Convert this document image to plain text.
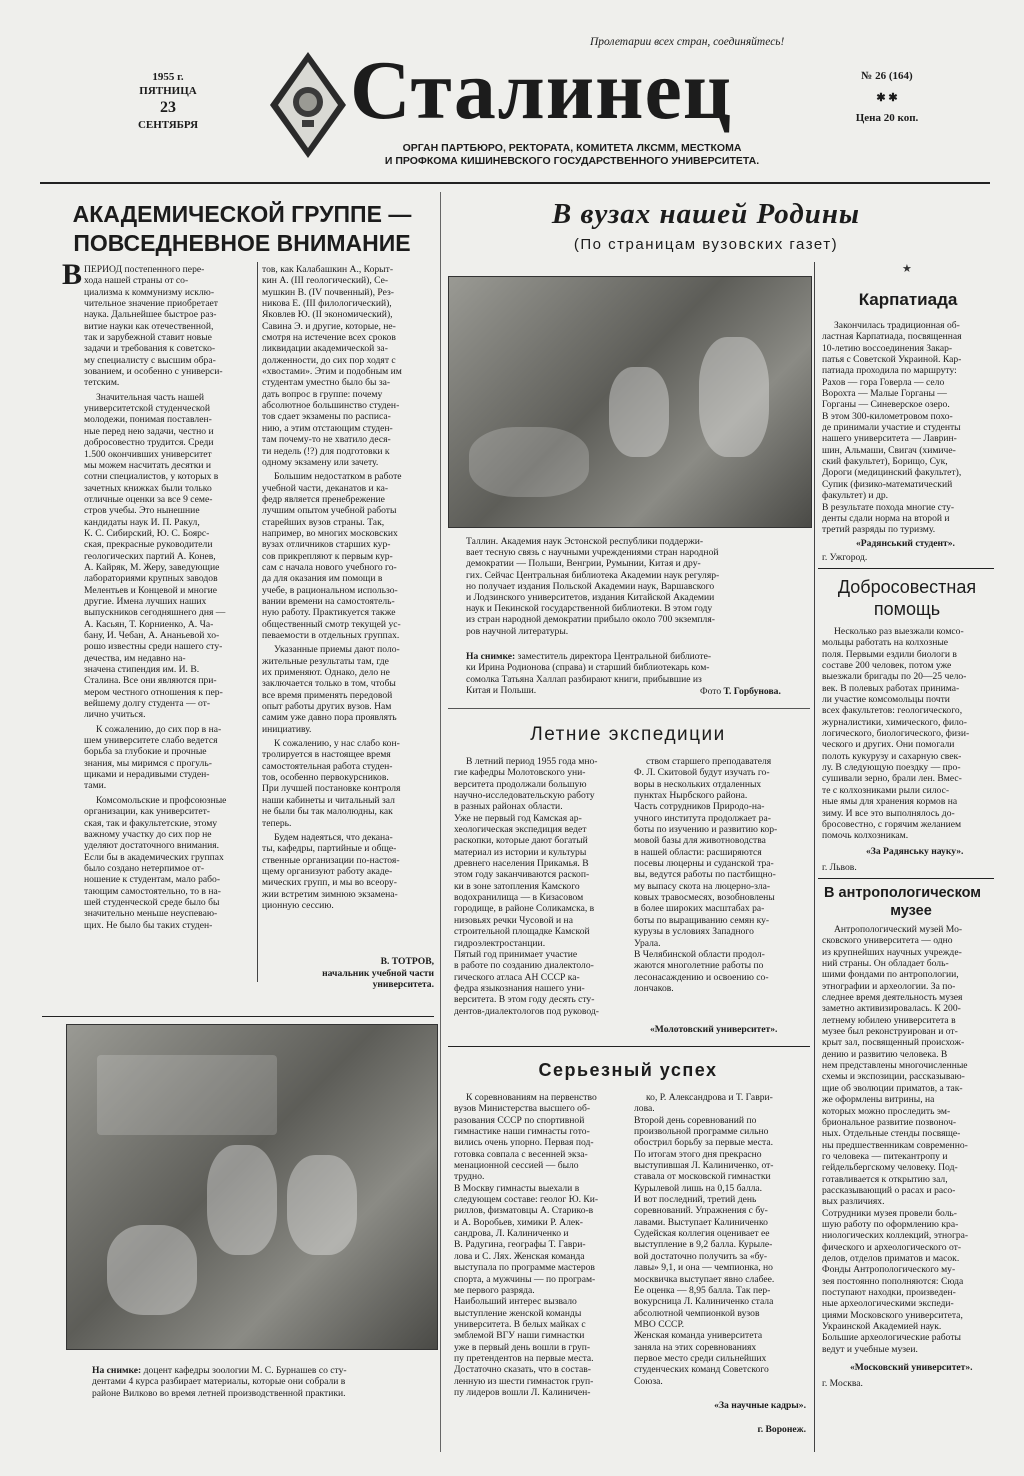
Пролетарии всех стран, соединяйтесь!
1955 г.
ПЯТНИЦА
23
СЕНТЯБРЯ Сталинец
ОРГАН ПАРТБЮРО, РЕКТОРАТА, КОМИТЕТА ЛКСММ, МЕСТКОМА
И ПРОФКОМА КИШИНЕВСКОГО ГОСУДАРСТВЕННОГО УНИВЕРСИТЕТА.
№ 26 (164)
✱ ✱
Цена 20 коп.
АКАДЕМИЧЕСКОЙ ГРУППЕ —
ПОВСЕДНЕВНОЕ ВНИМАНИЕ

ПЕРИОД постепенного пере-
хода нашей страны от со-
циализма к коммунизму исклю-
чительное значение приобретает
наука. Дальнейшее быстрое раз-
витие науки как отечественной,
так и зарубежной ставит новые
задачи и требования к советско-
му специалисту с высшим обра-
зованием, и особенно с универси-
тетским.

Значительная часть нашей
университетской студенческой
молодежи, понимая поставлен-
ные перед нею задачи, честно и
добросовестно трудится. Среди
1.500 окончивших университет
мы можем насчитать десятки и
сотни специалистов, у которых в
зачетных книжках были только
отличные оценки за все 9 семе-
стров учебы. Это нынешние
кандидаты наук И. П. Ракул,
К. С. Сибирский, Ю. С. Боярс-
ская, прекрасные руководители
геологических партий А. Конев,
А. Кайряк, М. Жеру, заведующие
лабораториями крупных заводов
Мелентьев и Концевой и многие
другие. Имена лучших наших
выпускников сегодняшнего дня —
А. Касьян, Т. Корниенко, А. Ча-
бану, И. Чебан, А. Ананьевой хо-
рошо известны среди нашего сту-
дечества, им недавно на-
значена стипендия им. И. В.
Сталина. Все они являются при-
мером честного отношения к пер-
вейшему долгу студента — от-
лично учиться.

К сожалению, до сих пор в на-
шем университете слабо ведется
борьба за глубокие и прочные
знания, мы миримся с прогуль-
щиками и нерадивыми студен-
тами.

Комсомольские и профсоюзные
организации, как университет-
ская, так и факультетские, этому
важному участку до сих пор не
уделяют достаточного внимания.
Если бы в академических группах
было создано нетерпимое от-
ношение к студентам, мало рабо-
тающим самостоятельно, то в на-
шей студенческой среде было бы
значительно меньше неуспеваю-
щих. Не было бы таких студен-

В	тов, как Калабашкин А., Корыт-
кин А. (III геологический), Се-
мушкин В. (IV почвенный), Рез-
никова Е. (III филологический),
Яковлев Ю. (II экономический),
Савина Э. и другие, которые, не-
смотря на истечение всех сроков
ликвидации академической за-
долженности, до сих пор ходят с
«хвостами». Этим и подобным им
студентам уместно было бы за-
дать вопрос в группе: почему
абсолютное большинство студен-
тов сдает экзамены по расписа-
нию, а этим отстающим студен-
там почему-то не хватило деся-
ти недель (!?) для подготовки к
одному экзамену или зачету.

Большим недостатком в работе
учебной части, деканатов и ка-
федр является пренебрежение
лучшим опытом учебной работы
старейших вузов страны. Так,
например, во многих московских
вузах отличников старших кур-
сов прикрепляют к первым кур-
сам с начала нового учебного го-
да для оказания им помощи в
учебе, в рациональном использо-
вании времени на самостоятель-
ную работу. Практикуется также
общественный смотр текущей ус-
певаемости в отдельных группах.

Указанные приемы дают поло-
жительные результаты там, где
их применяют. Однако, дело не
заключается только в том, чтобы
все время применять передовой
опыт работы других вузов. Нам
самим уже давно пора проявлять
инициативу.

К сожалению, у нас слабо кон-
тролируется в настоящее время
самостоятельная работа студен-
тов, особенно первокурсников.
При лучшей постановке контроля
наши кабинеты и читальный зал
не были бы так малолюдны, как
теперь.

Будем надеяться, что декана-
ты, кафедры, партийные и обще-
ственные организации по-настоя-
щему организуют работу акаде-
мических групп, и мы во всеору-
жии встретим зимнюю экзамена-
ционную сессию.

В. ТОТРОВ,
начальник учебной части
университета.
В вузах нашей Родины
(По страницам вузовских газет)
★
Таллин. Академия наук Эстонской республики поддержи-
вает тесную связь с научными учреждениями стран народной
демократии — Польши, Венгрии, Румынии, Китая и дру-
гих. Сейчас Центральная библиотека Академии наук регуляр-
но получает издания Польской Академии наук, Варшавского
и Лодзинского университетов, издания Китайской Академии
наук и Пекинской государственной библиотеки. В этом году
из стран народной демократии прибыло около 700 экземпля-
ров научной литературы.

На снимке: заместитель директора Центральной библиоте-
ки Ирина Родионова (справа) и старший библиотекарь ком-
сомолка Татьяна Халлап разбирают книги, прибывшие из
Китая и Польши.	Фото Т. Горбунова.
Летние экспедиции

В летний период 1955 года мно-
гие кафедры Молотовского уни-
верситета продолжали большую
научно-исследовательскую работу
в разных районах области.
Уже не первый год Камская ар-
хеологическая экспедиция ведет
раскопки, которые дают богатый
материал из истории и культуры
древнего населения Прикамья. В
этом году заканчиваются раскоп-
ки в зоне затопления Камского
водохранилища — в Кизасовом
городище, в районе Соликамска, в
низовьях речки Чусовой и на
строительной площадке Камской
гидроэлектростанции.
Пятый год принимает участие
в работе по созданию диалектоло-
гического атласа АН СССР ка-
федра языкознания нашего уни-
верситета. В этом году десять сту-
дентов-диалектологов под руковод-

ством старшего преподавателя
Ф. Л. Скитовой будут изучать го-
воры в нескольких отдаленных
пунктах Нырбского района.
Часть сотрудников Природо-на-
учного института продолжает ра-
боты по изучению и развитию кор-
мовой базы для животноводства
в нашей области: расширяются
посевы люцерны и суданской тра-
вы, ведутся работы по пастбищно-
му выпасу скота на люцерно-зла-
ковых травосмесях, возобновлены
в более широких масштабах ра-
боты по выращиванию семян ку-
курузы в условиях Западного
Урала.
В Челябинской области продол-
жаются многолетние работы по
лесонасаждению и освоению со-
лончаков.

«Молотовский университет».
Серьезный успех

К соревнованиям на первенство
вузов Министерства высшего об-
разования СССР по спортивной
гимнастике наши гимнасты гото-
вились очень упорно. Первая под-
готовка совпала с весенней экза-
менационной сессией — было
трудно.
В Москву гимнасты выехали в
следующем составе: геолог Ю. Ки-
риллов, физматовцы А. Старико-в
и А. Воробьев, химики Р. Алек-
сандрова, Л. Калиниченко и
В. Радугина, географы Т. Гаври-
лова и С. Лях. Женская команда
выступала по программе мастеров
спорта, а мужчины — по програм-
ме первого разряда.
Наибольший интерес вызвало
выступление женской команды
университета. В белых майках с
эмблемой ВГУ наши гимнастки
уже в первый день вошли в груп-
пу претендентов на первые места.
Достаточно сказать, что в состав-
ленную из шести гимнасток груп-
пу лидеров вошли Л. Калиничен-

ко, Р. Александрова и Т. Гаври-
лова.
Второй день соревнований по
произвольной программе сильно
обострил борьбу за первые места.
По итогам этого дня прекрасно
выступившая Л. Калиниченко, от-
ставала от московской гимнастки
Курылевой лишь на 0,15 балла.
И вот последний, третий день
соревнований. Упражнения с бу-
лавами. Выступает Калиниченко
Судейская коллегия оценивает ее
выступление в 9,2 балла. Курыле-
вой достаточно получить за «бу-
лавы» 9,1, и она — чемпионка, но
москвичка выступает явно слабее.
Ее оценка — 8,95 балла. Так пер-
вокурсница Л. Калиниченко стала
абсолютной чемпионкой вузов
МВО СССР.
Женская команда университета
заняла на этих соревнованиях
первое место среди сильнейших
студенческих команд Советского
Союза.

«За научные кадры».

г. Воронеж.

На снимке: доцент кафедры зоологии М. С. Бурнашев со сту-
дентами 4 курса разбирает материалы, которые они собрали в
районе Вилково во время летней производственной практики.

Карпатиада

Закончилась традиционная об-
ластная Карпатиада, посвященная
10-летию воссоединения Закар-
патья с Советской Украиной. Кар-
патиада проходила по маршруту:
Рахов — гора Говерла — село
Ворохта — Малые Горганы —
Горганы — Синеверское озеро.
В этом 300-километровом похо-
де принимали участие и студенты
нашего университета — Лаврин-
шин, Альмаши, Свигач (химиче-
ский факультет), Борищо, Сук,
Дороги (медицинский факультет),
Супик (физико-математический
факультет) и др.
В результате похода многие сту-
денты сдали норма на второй и
третий разряды по туризму.

«Радянський студент».
г. Ужгород.
Добросовестная
помощь

Несколько раз выезжали комсо-
мольцы работать на колхозные
поля. Первыми ездили биологи в
составе 200 человек, потом уже
выезжали бригады по 20—25 чело-
век. В полевых работах принима-
ли участие комсомольцы почти
всех факультетов: геологического,
журналистики, химического, фило-
логического, биологического, физи-
ческого и других. Они помогали
полоть кукурузу и сахарную свек-
лу. В следующую поездку — про-
сушивали зерно, брали лен. Вмес-
те с колхозниками рыли силос-
ные ямы для хранения кормов на
зиму. И все это выполнялось до-
бросовестно, с горячим желанием
помочь колхозникам.

«За Радянську науку».
г. Львов.
В антропологическом
музее

Антропологический музей Мо-
сковского университета — одно
из крупнейших научных учрежде-
ний страны. Он обладает боль-
шими фондами по антропологии,
этнографии и археологии. За по-
следнее время деятельность музея
заметно активизировалась. К 200-
летнему юбилею университета в
музее был реконструирован и от-
крыт зал, посвященный происхож-
дению и развитию человека. В
нем представлены многочисленные
схемы и экспозиции, рассказываю-
щие об эволюции приматов, а так-
же оформлены витрины, на
которых можно проследить эм-
бриональное развитие позвоноч-
ных. Отдельные стенды посвяще-
ны предшественникам современно-
го человека — питекантропу и
гейдельбергскому человеку. Под-
готавливается к открытию зал,
рассказывающий о расах и расо-
вых различиях.
Сотрудники музея провели боль-
шую работу по оформлению кра-
ниологических коллекций, этногра-
фического и археологического от-
делов, отделов приматов и масок.
Фонды Антропологического му-
зея постоянно пополняются: Сюда
поступают находки, произведен-
ные археологическими экспеди-
циями Московского университета,
Украинской Академией наук.
Большие археологические работы
ведут и учебные музеи.

«Московский университет».
г. Москва.
